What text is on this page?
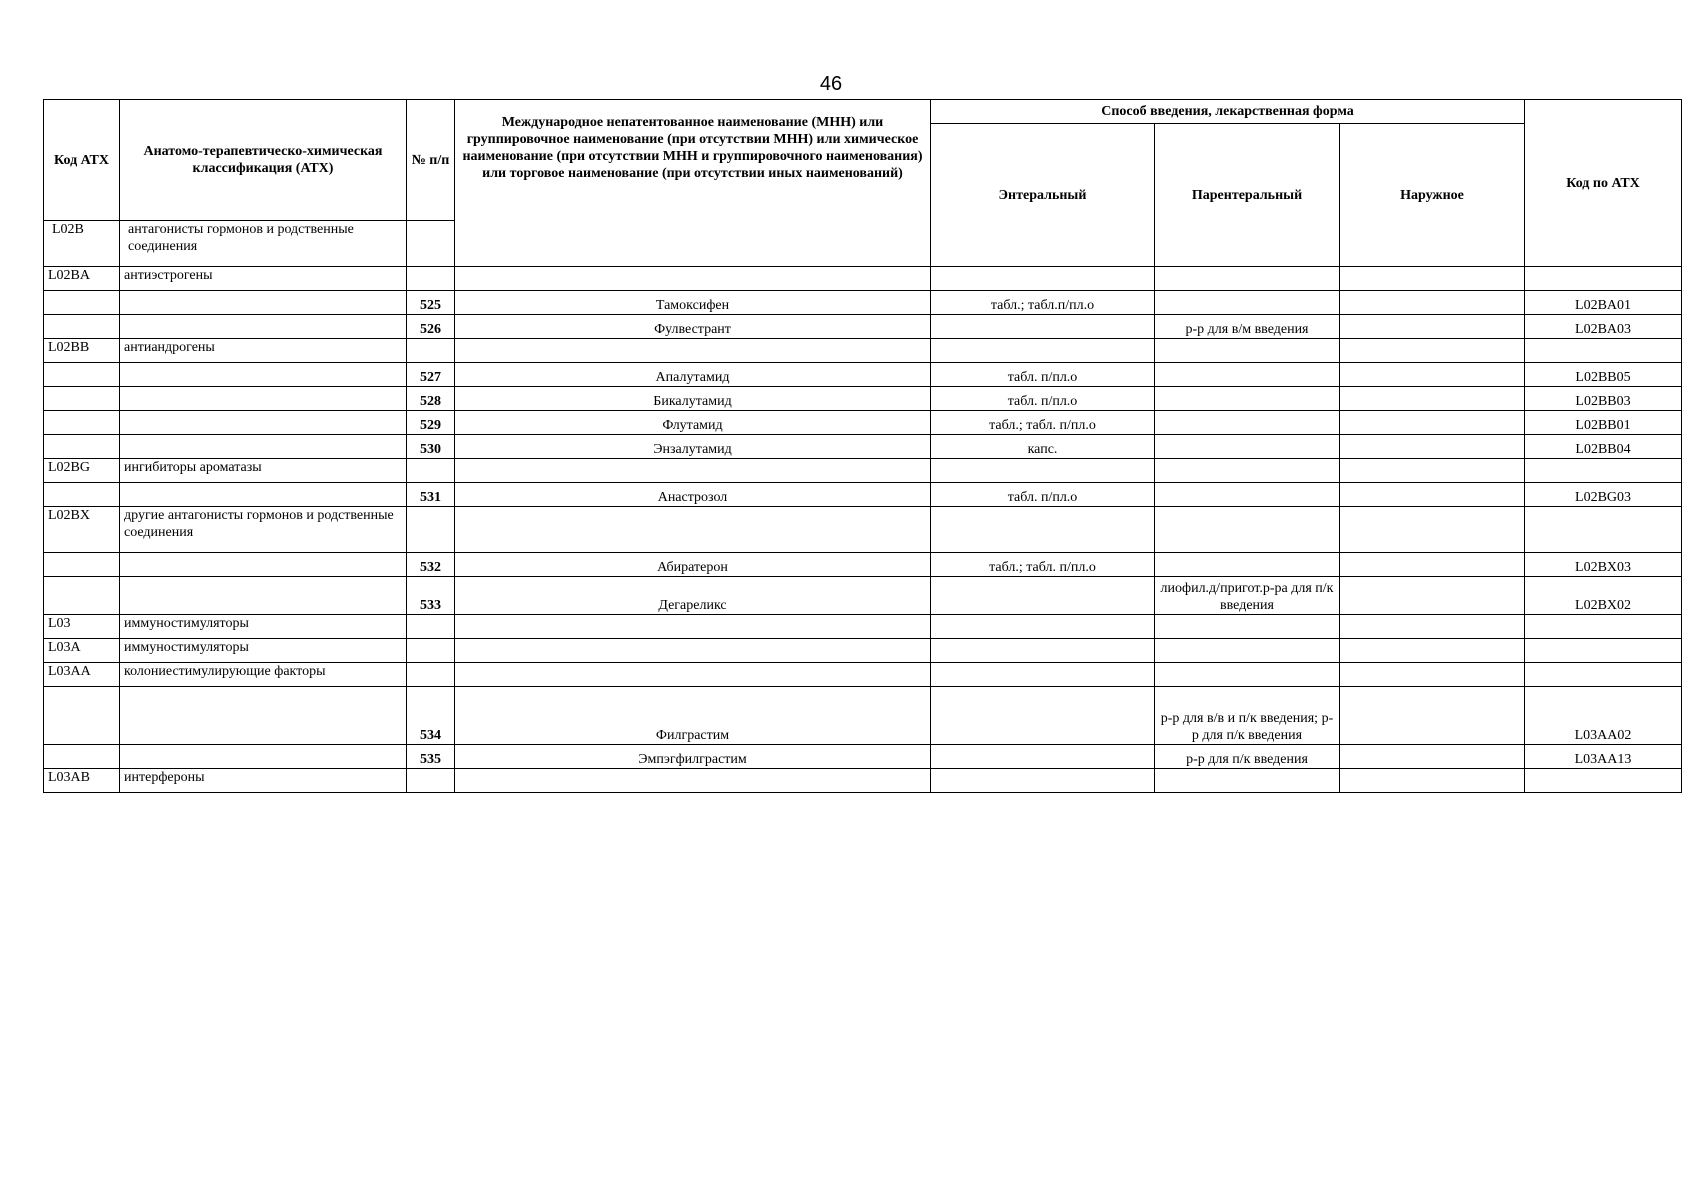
46
Код АТХ	Анатомо-терапевтическо-химическая классификация (АТХ)	№ п/п	Международное непатентованное наименование (МНН) или группировочное наименование (при отсутствии МНН) или химическое наименование (при отсутствии МНН и группировочного наименования) или торговое наименование (при отсутствии иных наименований)	Способ введения, лекарственная форма			Код по АТХ
				Энтеральный	Парентеральный	Наружное	
L02B	антагонисты гормонов и родственные соединения						
L02BA	антиэстрогены						
		525	Тамоксифен	табл.; табл.п/пл.о			L02BA01
		526	Фулвестрант		р-р для в/м введения		L02BA03
L02BB	антиандрогены						
		527	Апалутамид	табл. п/пл.о			L02BB05
		528	Бикалутамид	табл. п/пл.о			L02BB03
		529	Флутамид	табл.; табл. п/пл.о			L02BB01
		530	Энзалутамид	капс.			L02BB04
L02BG	ингибиторы ароматазы						
		531	Анастрозол	табл. п/пл.о			L02BG03
L02BX	другие антагонисты гормонов и родственные соединения						
		532	Абиратерон	табл.; табл. п/пл.о			L02BX03
		533	Дегареликс		лиофил.д/пригот.р-ра для п/к введения		L02BX02
L03	иммуностимуляторы						
L03A	иммуностимуляторы						
L03AA	колониестимулирующие факторы						
		534	Филграстим		р-р для в/в и п/к введения; р-р для п/к введения		L03AA02
		535	Эмпэгфилграстим		р-р для п/к введения		L03AA13
L03AB	интерфероны						
